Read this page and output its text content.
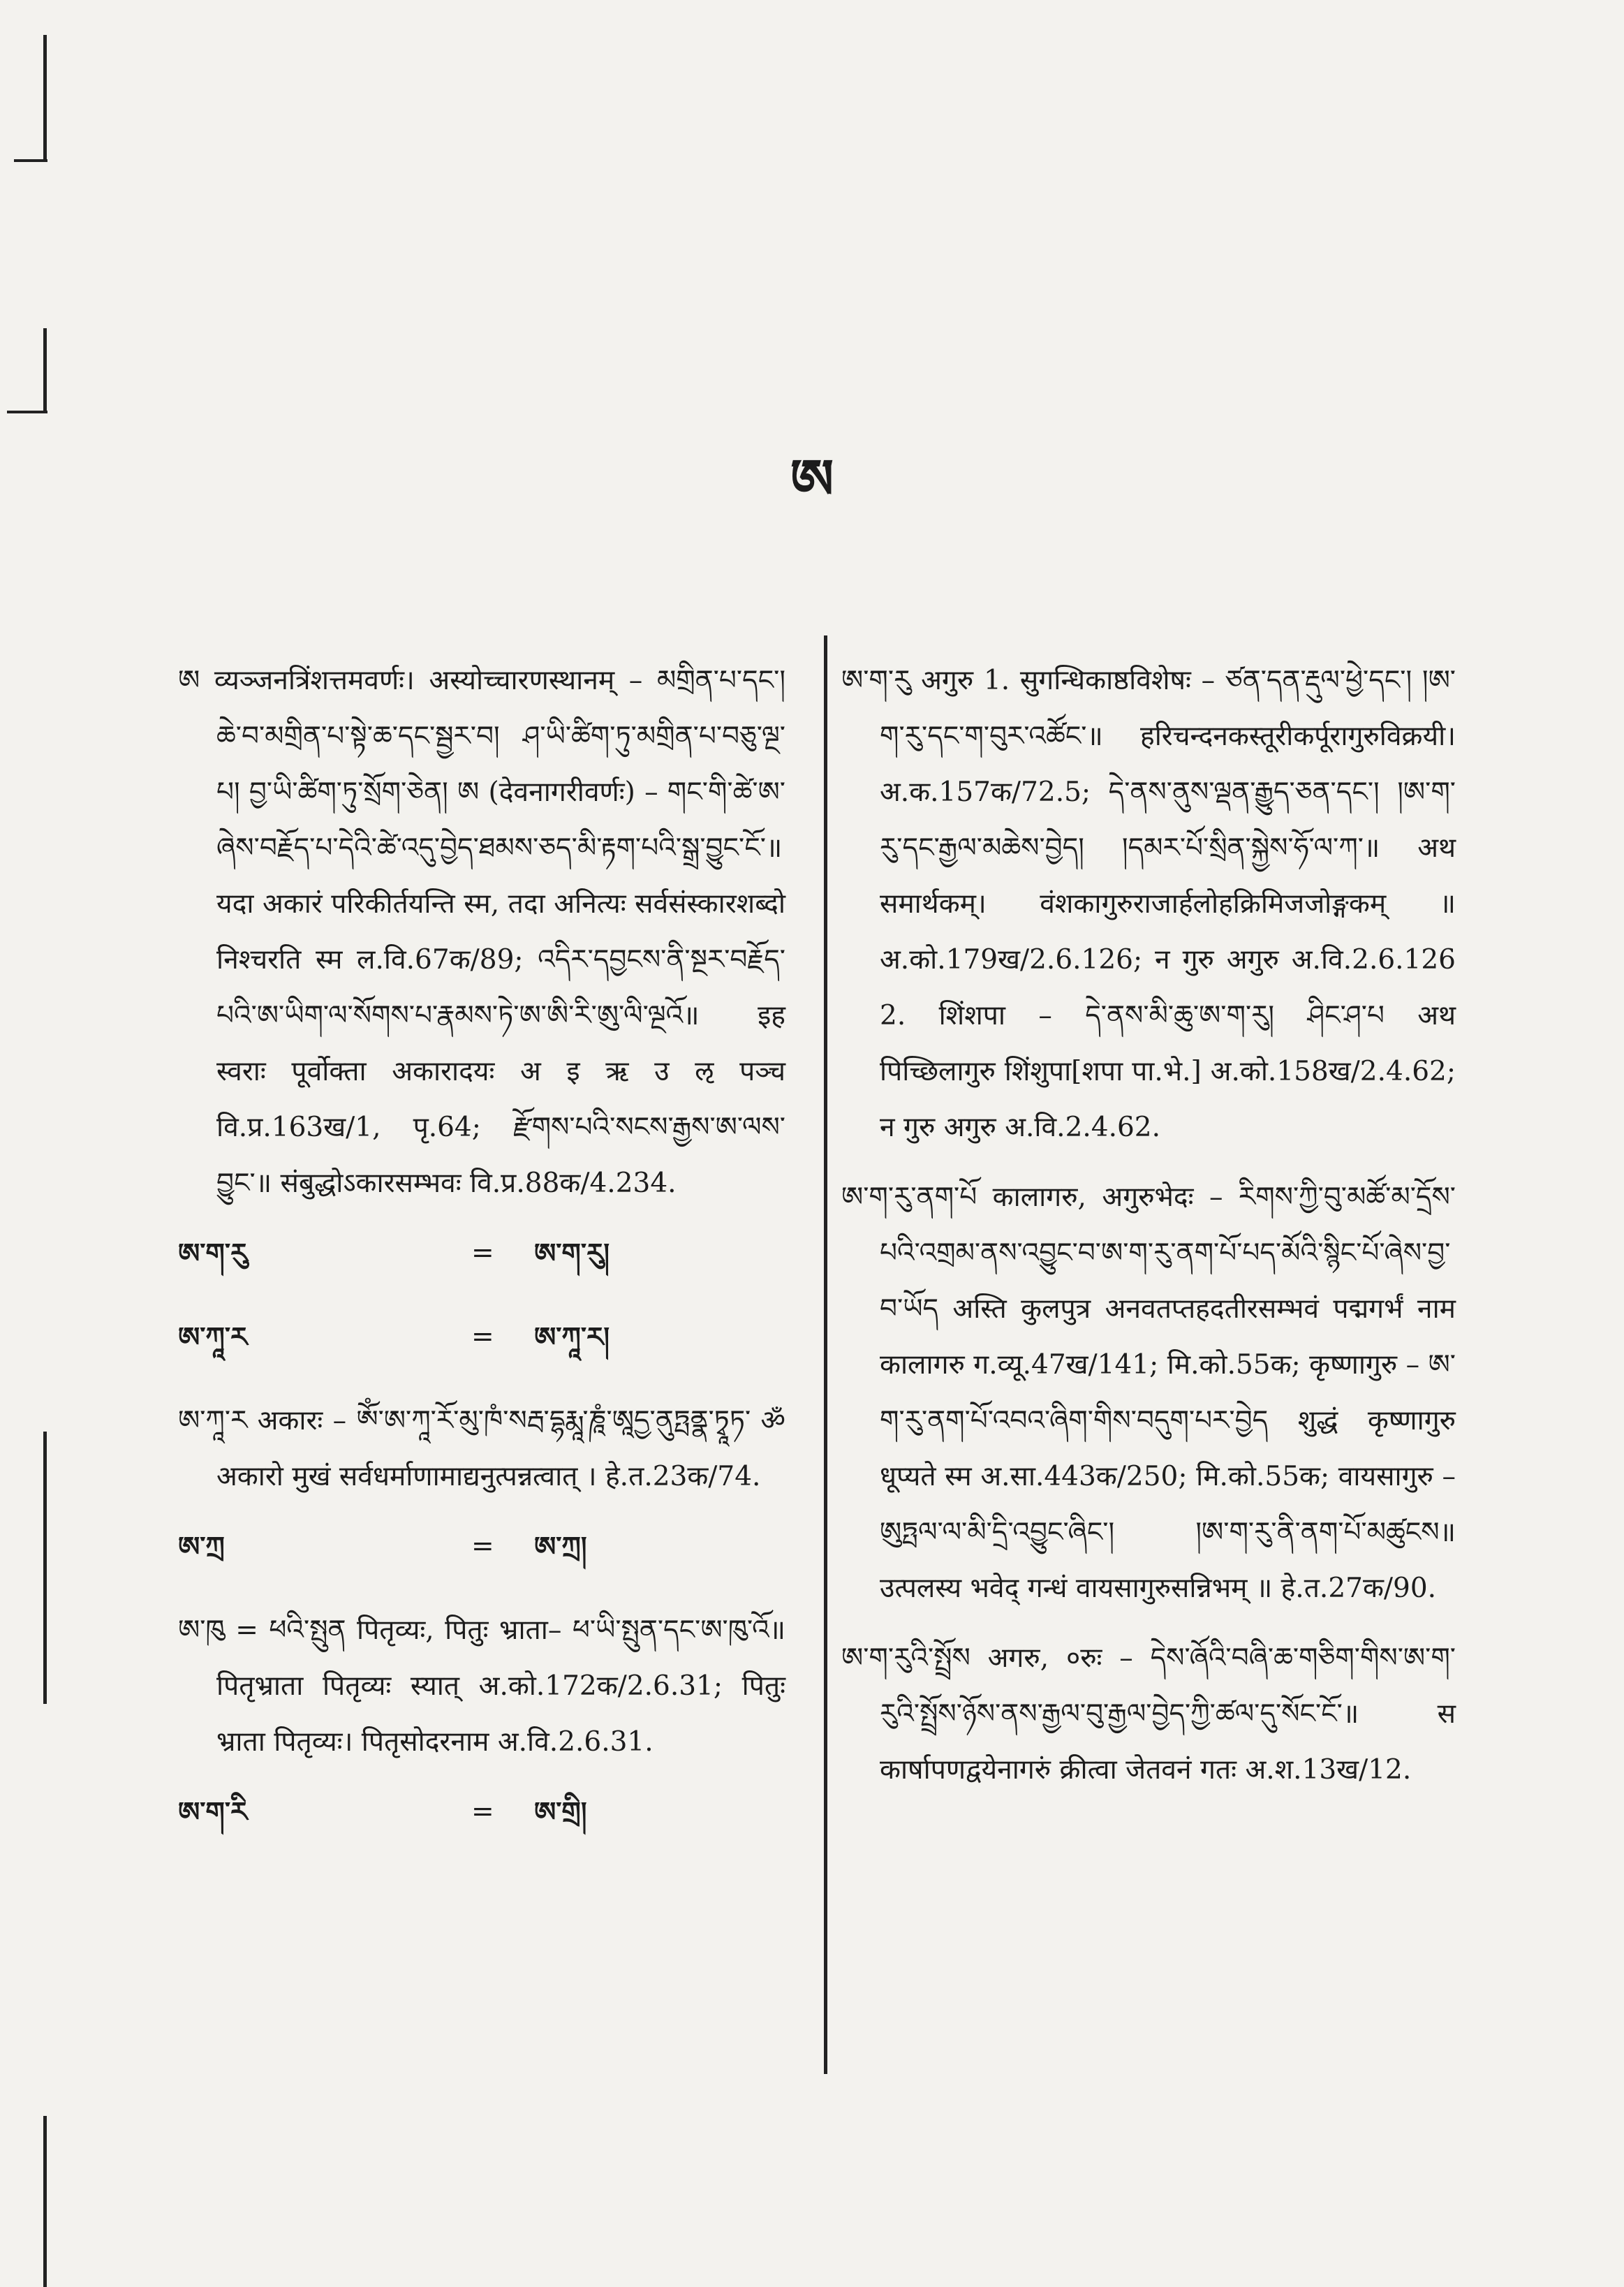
ཨ
ཨ व्यञ्जनत्रिंशत्तमवर्णः। अस्योच्चारणस्थानम् – མགྲིན་པ་དང་། ཆེ་བ་མགྲིན་པ་སྟེ་ཆ་དང་སྦྱར་བ། ཤ་ཡི་ཚིག་ཏུ་མགྲིན་པ་བཅུ་ལྔ་པ། བྱ་ཡི་ཚིག་ཏུ་སྲོག་ཅེན། ཨ (देवनागरीवर्णः) – གང་གི་ཚེ་ཨ་ཞེས་བརྗོད་པ་དེའི་ཚེ་འདུ་བྱེད་ཐམས་ཅད་མི་རྟག་པའི་སྒྲ་བྱུང་ངོ་॥ यदा अकारं परिकीर्तयन्ति स्म, तदा अनित्यः सर्वसंस्कारशब्दो निश्चरति स्म ल.वि.67क/89; འདིར་དབྱངས་ནི་སྔར་བརྗོད་པའི་ཨ་ཡིག་ལ་སོགས་པ་རྣམས་ཏེ་ཨ་ཨི་རི་ཨུ་ལི་ལྔའོ॥ इह स्वराः पूर्वोक्ता अकारादयः अ इ ऋ उ ऌ पञ्च वि.प्र.163ख/1, पृ.64; རྫོགས་པའི་སངས་རྒྱས་ཨ་ལས་བྱུང་॥ संबुद्धोऽकारसम्भवः वि.प्र.88क/4.234.
ཨ་ག་རུ	=	ཨ་ག་རུ།
ཨ་ཀཱ་ར	=	ཨ་ཀཱ་ར།
ཨ་ཀཱ་ར अकारः – ཨོཾ་ཨ་ཀཱ་རོ་མུ་ཁཾ་སརྦ་དྷརྨཱ་ཎཱཾ་ཨཱདྱ་ནུཏྤནྣ་ཏྭཱཏ་ ॐ अकारो मुखं सर्वधर्माणामाद्यनुत्पन्नत्वात् । हे.त.23क/74.
ཨ་ཀྲ	=	ཨ་ཀྲ།
ཨ་ཁུ = ཕའི་སྤུན पितृव्यः, पितुः भ्राता– ཕ་ཡི་སྤུན་དང་ཨ་ཁུ་འོ॥ पितृभ्राता पितृव्यः स्यात् अ.को.172क/2.6.31; पितुः भ्राता पितृव्यः। पितृसोदरनाम अ.वि.2.6.31.
ཨ་ག་རི	=	ཨ་གྲི།
ཨ་ག་རུ अगुरु 1. सुगन्धिकाष्ठविशेषः – ཙན་དན་རྡུལ་ཕྱེ་དང་། །ཨ་ག་རུ་དང་ག་བུར་འཚོང་॥ हरिचन्दनकस्तूरीकर्पूरागुरुविक्रयी। अ.क.157क/72.5; དེ་ནས་ནུས་ལྡན་རྒྱུད་ཅན་དང་། །ཨ་ག་རུ་དང་རྒྱལ་མཆེས་བྱེད། །དམར་པོ་སྲིན་སྐྱེས་ཧོ་ལ་ཀ་॥ अथ समार्थकम्। वंशकागुरुराजार्हलोहक्रिमिजजोङ्गकम् ॥ अ.को.179ख/2.6.126; न गुरु अगुरु अ.वि.2.6.126 2. शिंशपा – དེ་ནས་མི་ཆུ་ཨ་ག་རུ། ཤིང་ཤ་པ अथ पिच्छिलागुरु शिंशुपा[शपा पा.भे.] अ.को.158ख/2.4.62; न गुरु अगुरु अ.वि.2.4.62.
ཨ་ག་རུ་ནག་པོ कालागरु, अगुरुभेदः – རིགས་ཀྱི་བུ་མཚོ་མ་དྲོས་པའི་འགྲམ་ནས་འབྱུང་བ་ཨ་ག་རུ་ནག་པོ་པད་མོའི་སྙིང་པོ་ཞེས་བྱ་བ་ཡོད अस्ति कुलपुत्र अनवतप्तहदतीरसम्भवं पद्मगर्भं नाम कालागरु ग.व्यू.47ख/141; मि.को.55क; कृष्णागुरु – ཨ་ག་རུ་ནག་པོ་འབའ་ཞིག་གིས་བདུག་པར་བྱེད शुद्धं कृष्णागुरु धूप्यते स्म अ.सा.443क/250; मि.को.55क; वायसागुरु – ཨུཏྤལ་ལ་མི་དྲི་འབྱུང་ཞིང་། །ཨ་ག་རུ་ནི་ནག་པོ་མཚུངས॥ उत्पलस्य भवेद् गन्धं वायसागुरुसन्निभम् ॥ हे.त.27क/90.
ཨ་ག་རུའི་སྤྲོས अगरु, ०रुः – དེས་ཞོའི་བཞི་ཆ་གཅིག་གིས་ཨ་ག་རུའི་སྤྲོས་ཉོས་ནས་རྒྱལ་བུ་རྒྱལ་བྱེད་ཀྱི་ཚལ་དུ་སོང་ངོ་॥ स कार्षापणद्वयेनागरुं क्रीत्वा जेतवनं गतः अ.श.13ख/12.
